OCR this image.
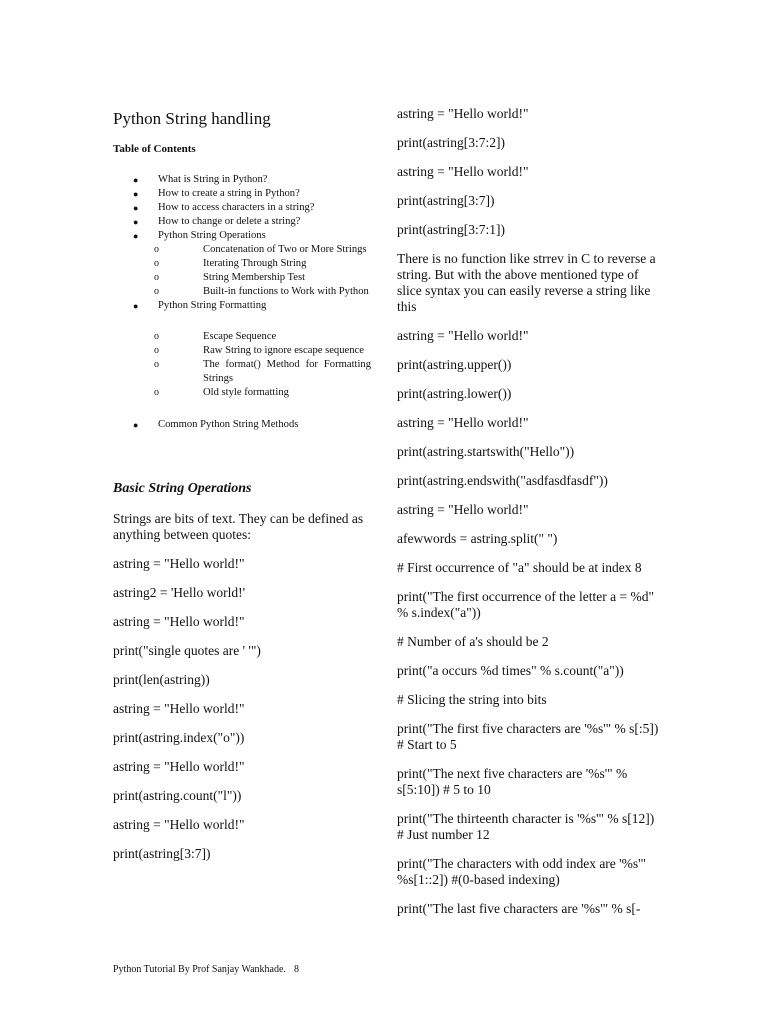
Python String handling
Table of Contents
● What is String in Python?
● How to create a string in Python?
● How to access characters in a string?
● How to change or delete a string?
● Python String Operations
o	Concatenation of Two or More Strings
o	Iterating Through String
o	String Membership Test
o	Built-in functions to Work with Python
● Python String Formatting
o	Escape Sequence
o	Raw String to ignore escape sequence
o	The format() Method for Formatting Strings
o	Old style formatting
● Common Python String Methods
Basic String Operations

Strings are bits of text. They can be defined as anything between quotes:

astring = "Hello world!"

astring2 = 'Hello world!'

astring = "Hello world!"

print("single quotes are ' '")

print(len(astring))

astring = "Hello world!"

print(astring.index("o"))

astring = "Hello world!"

print(astring.count("l"))

astring = "Hello world!"

print(astring[3:7])

astring = "Hello world!"

print(astring[3:7:2])

astring = "Hello world!"

print(astring[3:7])

print(astring[3:7:1])

There is no function like strrev in C to reverse a string. But with the above mentioned type of slice syntax you can easily reverse a string like this

astring = "Hello world!"

print(astring.upper())

print(astring.lower())

astring = "Hello world!"

print(astring.startswith("Hello"))

print(astring.endswith("asdfasdfasdf"))

astring = "Hello world!"

afewwords = astring.split(" ")

# First occurrence of "a" should be at index 8

print("The first occurrence of the letter a = %d" % s.index("a"))

# Number of a's should be 2

print("a occurs %d times" % s.count("a"))

# Slicing the string into bits

print("The first five characters are '%s'" % s[:5]) # Start to 5

print("The next five characters are '%s'" % s[5:10]) # 5 to 10

print("The thirteenth character is '%s'" % s[12]) # Just number 12

print("The characters with odd index are '%s'" %s[1::2]) #(0-based indexing)

print("The last five characters are '%s'" % s[-

Python Tutorial By Prof Sanjay Wankhade. 8
